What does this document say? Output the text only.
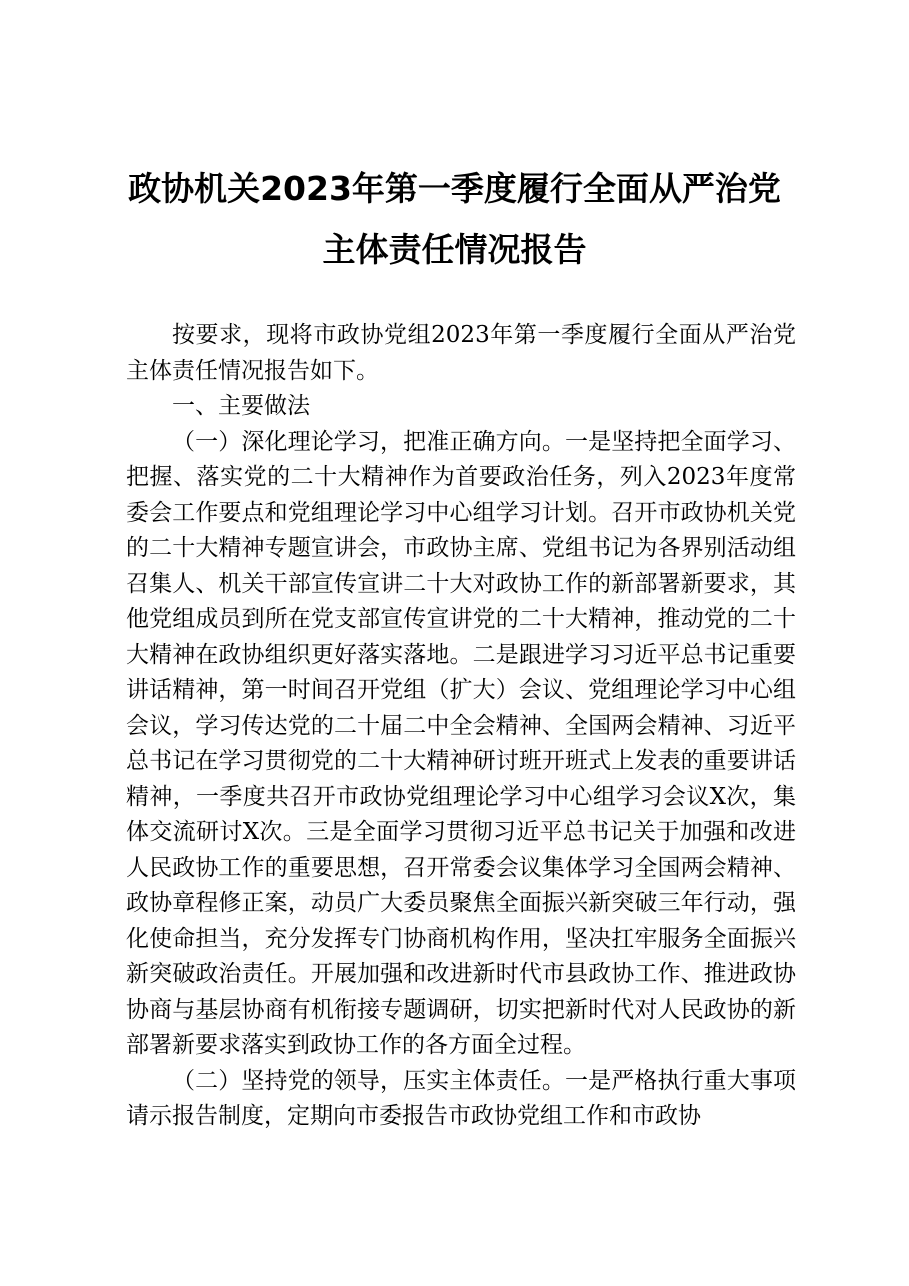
政协机关2023年第一季度履行全面从严治党
主体责任情况报告

按要求，现将市政协党组2023年第一季度履行全面从严治党主体责任情况报告如下。

一、主要做法

（一）深化理论学习，把准正确方向。一是坚持把全面学习、把握、落实党的二十大精神作为首要政治任务，列入2023年度常委会工作要点和党组理论学习中心组学习计划。召开市政协机关党的二十大精神专题宣讲会，市政协主席、党组书记为各界别活动组召集人、机关干部宣传宣讲二十大对政协工作的新部署新要求，其他党组成员到所在党支部宣传宣讲党的二十大精神，推动党的二十大精神在政协组织更好落实落地。二是跟进学习习近平总书记重要讲话精神，第一时间召开党组（扩大）会议、党组理论学习中心组会议，学习传达党的二十届二中全会精神、全国两会精神、习近平总书记在学习贯彻党的二十大精神研讨班开班式上发表的重要讲话精神，一季度共召开市政协党组理论学习中心组学习会议X次，集体交流研讨X次。三是全面学习贯彻习近平总书记关于加强和改进人民政协工作的重要思想，召开常委会议集体学习全国两会精神、政协章程修正案，动员广大委员聚焦全面振兴新突破三年行动，强化使命担当，充分发挥专门协商机构作用，坚决扛牢服务全面振兴新突破政治责任。开展加强和改进新时代市县政协工作、推进政协协商与基层协商有机衔接专题调研，切实把新时代对人民政协的新部署新要求落实到政协工作的各方面全过程。

（二）坚持党的领导，压实主体责任。一是严格执行重大事项请示报告制度，定期向市委报告市政协党组工作和市政协
